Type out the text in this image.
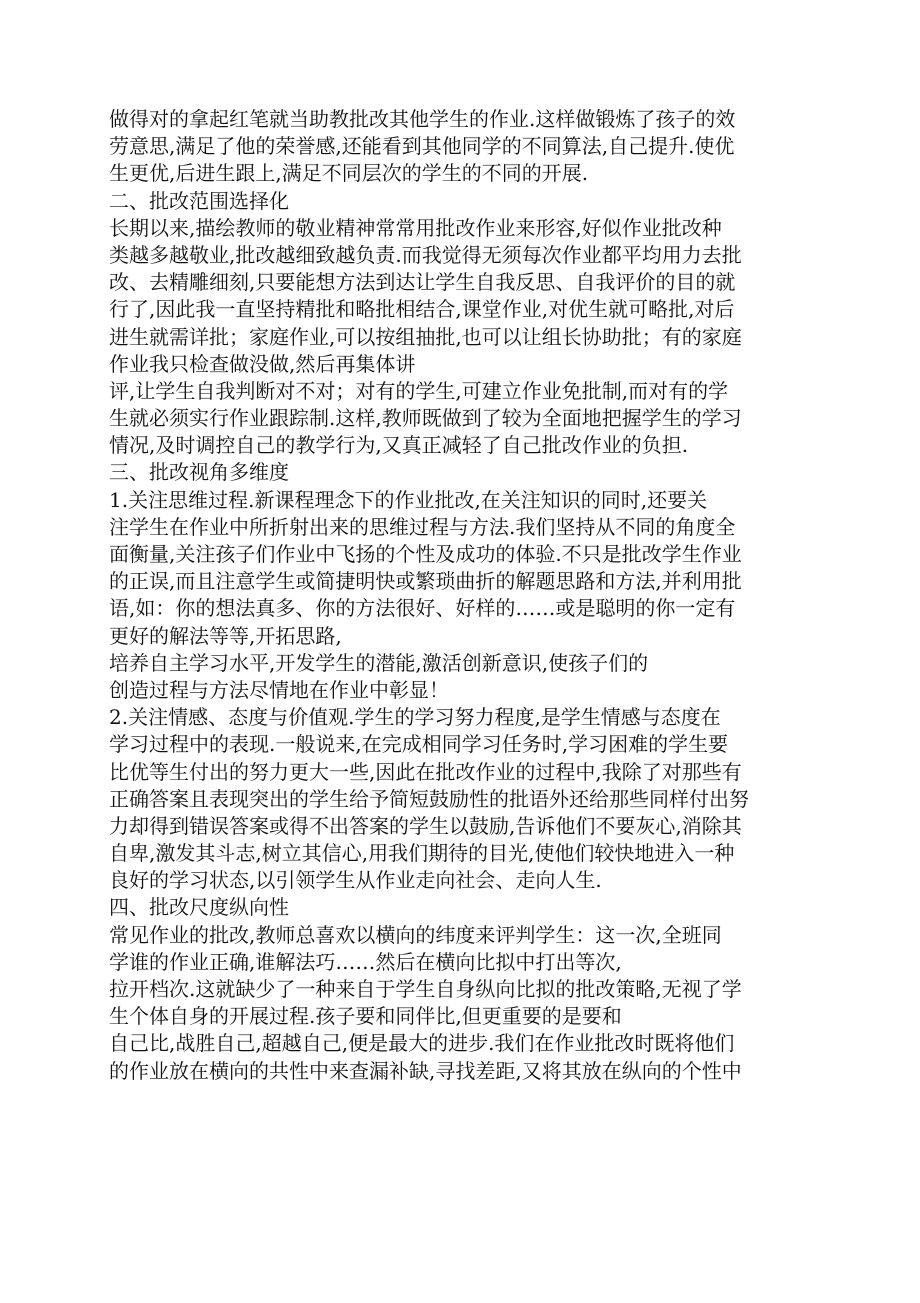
做得对的拿起红笔就当助教批改其他学生的作业.这样做锻炼了孩子的效
劳意思,满足了他的荣誉感,还能看到其他同学的不同算法,自己提升.使优
生更优,后进生跟上,满足不同层次的学生的不同的开展.
二、批改范围选择化
长期以来,描绘教师的敬业精神常常用批改作业来形容,好似作业批改种
类越多越敬业,批改越细致越负责.而我觉得无须每次作业都平均用力去批
改、去精雕细刻,只要能想方法到达让学生自我反思、自我评价的目的就
行了,因此我一直坚持精批和略批相结合,课堂作业,对优生就可略批,对后
进生就需详批；家庭作业,可以按组抽批,也可以让组长协助批；有的家庭
作业我只检查做没做,然后再集体讲
评,让学生自我判断对不对；对有的学生,可建立作业免批制,而对有的学
生就必须实行作业跟踪制.这样,教师既做到了较为全面地把握学生的学习
情况,及时调控自己的教学行为,又真正减轻了自己批改作业的负担.
三、批改视角多维度
1.关注思维过程.新课程理念下的作业批改,在关注知识的同时,还要关
注学生在作业中所折射出来的思维过程与方法.我们坚持从不同的角度全
面衡量,关注孩子们作业中飞扬的个性及成功的体验.不只是批改学生作业
的正误,而且注意学生或简捷明快或繁琐曲折的解题思路和方法,并利用批
语,如：你的想法真多、你的方法很好、好样的……或是聪明的你一定有
更好的解法等等,开拓思路,
培养自主学习水平,开发学生的潜能,激活创新意识,使孩子们的
创造过程与方法尽情地在作业中彰显！
2.关注情感、态度与价值观.学生的学习努力程度,是学生情感与态度在
学习过程中的表现.一般说来,在完成相同学习任务时,学习困难的学生要
比优等生付出的努力更大一些,因此在批改作业的过程中,我除了对那些有
正确答案且表现突出的学生给予简短鼓励性的批语外还给那些同样付出努
力却得到错误答案或得不出答案的学生以鼓励,告诉他们不要灰心,消除其
自卑,激发其斗志,树立其信心,用我们期待的目光,使他们较快地进入一种
良好的学习状态,以引领学生从作业走向社会、走向人生.
四、批改尺度纵向性
常见作业的批改,教师总喜欢以横向的纬度来评判学生：这一次,全班同
学谁的作业正确,谁解法巧……然后在横向比拟中打出等次,
拉开档次.这就缺少了一种来自于学生自身纵向比拟的批改策略,无视了学
生个体自身的开展过程.孩子要和同伴比,但更重要的是要和
自己比,战胜自己,超越自己,便是最大的进步.我们在作业批改时既将他们
的作业放在横向的共性中来查漏补缺,寻找差距,又将其放在纵向的个性中
